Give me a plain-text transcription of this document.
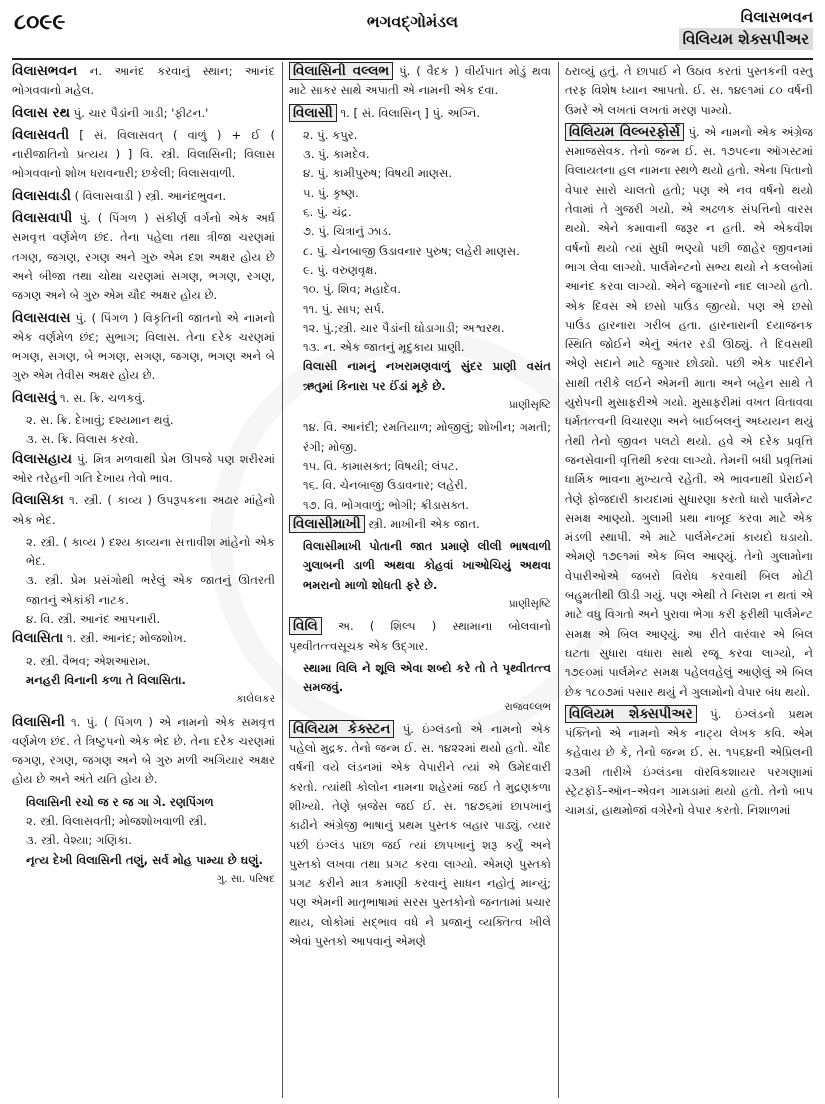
૮૦૯૯	ભગવદ્‌ગોમંડલ	વિલાસભવન
વિલિયમ શેક્સપીઅર

વિલાસભવન ન. આનંદ કરવાનું સ્થાન; આનંદ ભોગવવાનો મહેલ.

વિલાસ રથ પું. ચાર પૈડાંની ગાડી; 'ફીટન.'

વિલાસવતી [ સં. વિલાસવત્ ( વાળું ) + ઈ ( નારીજાતિનો પ્રત્યય ) ] વિ. સ્ત્રી. વિલાસિની; વિલાસ ભોગવવાનો શોખ ધરાવનારી; છકેલી; વિલાસવાળી.

વિલાસવાડી ( વિલાસવાડી ) સ્ત્રી. આનંદભુવન.

વિલાસવાપી પું. ( પિંગળ ) સંકીર્ણ વર્ગનો એક અર્ધ સમવૃત્ત વર્ણમેળ છંદ. તેના પહેલા તથા ત્રીજા ચરણમાં તગણ, જગણ, રગણ અને ગુરુ એમ દશ અક્ષર હોય છે અને બીજા તથા ચોથા ચરણમાં સગણ, ભગણ, રગણ, જગણ અને બે ગુરુ એમ ચૌદ અક્ષર હોય છે.

વિલાસવાસ પું. ( પિંગળ ) વિકૃતિની જાતનો એ નામનો એક વર્ણમેળ છંદ; સુભાગ; વિલાસ. તેના દરેક ચરણમાં ભગણ, સગણ, બે ભગણ, સગણ, જગણ, ભગણ અને બે ગુરુ એમ તેવીસ અક્ષર હોય છે.

વિલાસવું ૧. સ. ક્રિ. ચળકવું.

૨. સ. ક્રિ. દેખાવું; દશ્યમાન થવું.

૩. સ. ક્રિ. વિલાસ કરવો.

વિલાસહાય પું. મિત્ર મળવાથી પ્રેમ ઊપજે પણ શરીરમાં ઓર તરેહની ગતિ દેખાય તેવો ભાવ.

વિલાસિકા ૧. સ્ત્રી. ( કાવ્ય ) ઉપરૂપકના અઢાર માંહેનો એક ભેદ.

૨. સ્ત્રી. ( કાવ્ય ) દશ્ય કાવ્યના સત્તાવીશ માંહેનો એક ભેદ.

૩. સ્ત્રી. પ્રેમ પ્રસંગોથી ભરેલું એક જાતનું ઊતરતી જાતનું એકાંકી નાટક.

૪. વિ. સ્ત્રી. આનંદ આપનારી.

વિલાસિતા ૧. સ્ત્રી. આનંદ; મોજશોખ.

૨. સ્ત્રી. વૈભવ; એશઆરામ.

મનહરી વિનાની કળા તે વિલાસિતા.

કાલેલકર

વિલાસિની ૧. પું. ( પિંગળ ) એ નામનો એક સમવૃત્ત વર્ણમેળ છંદ. તે ત્રિષ્ટુપનો એક ભેદ છે. તેના દરેક ચરણમાં જગણ, રગણ, જગણ અને બે ગુરુ મળી અગિયાર અક્ષર હોય છે અને અંતે યતિ હોય છે.

વિલાસિની રચો જ ર જ ગા ગે. રણપિંગળ

૨. સ્ત્રી. વિલાસવતી; મોજશોખવાળી સ્ત્રી.

૩. સ્ત્રી. વેશ્યા; ગણિકા.

નૃત્ય દેખી વિલાસિની તણું, સર્વ મોહ પામ્યા છે ઘણું.

ગુ. સા. પરિષદ

વિલાસિની વલ્લભ પું. ( વૈદક ) વીર્યપાત મોડું થવા માટે સાકર સાથે અપાતી એ નામની એક દવા.

વિલાસી ૧. [ સં. વિલાસિન્ ] પું. અગ્નિ.

૨. પું. કપુર.

૩. પું. કામદેવ.

૪. પું. કામીપુરુષ; વિષયી માણસ.

૫. પું. કૃષ્ણ.

૬. પું. ચંદ્ર.

૭. પું. ચિત્રાનું ઝાડ.

૮. પું. ચેનબાજી ઉડાવનાર પુરુષ; લહેરી માણસ.

૯. પું. વરુણવૃક્ષ.

૧૦. પું. શિવ; મહાદેવ.

૧૧. પું. સાપ; સર્પ.

૧૨. પું.;સ્ત્રી. ચાર પૈડાંની ઘોડાગાડી; અશ્વરથ.

૧૩. ન. એક જાતનું મૃદુકાય પ્રાણી.

વિલાસી નામનું નખરામણવાળું સુંદર પ્રાણી વસંત ઋતુમાં કિનારા પર ઈંડાં મૂકે છે.

પ્રાણીસૃષ્ટિ

૧૪. વિ. આનંદી; રમતિયાળ; મોજીલું; શોખીન; ગમતી; રંગી; મોજી.

૧૫. વિ. કામાસક્ત; વિષયી; લંપટ.

૧૬. વિ. ચેનબાજી ઉડાવનાર; લહેરી.

૧૭. વિ. ભોગવાળું; ભોગી; ક્રીડાસક્ત.

વિલાસીમાખી સ્ત્રી. માખીની એક જાત.

વિલાસીમાખી પોતાની જાત પ્રમાણે લીલી ભાષવાળી ગુલાબની ડાળી અથવા કોહવાં ખાઓચિયું અથવા ભમરાનો માળો શોધતી ફરે છે.

પ્રાણીસૃષ્ટિ

વિલિ અ. ( શિલ્પ ) સ્થામાના બોલવાનો પૃથ્વીતત્ત્વસૂચક એક ઉદ્ગાર.

સ્થામા વિલિ ને શૂલિ એવા શબ્દો કરે તો તે પૃથ્વીતત્ત્વ સમજવું.

રાજવલ્લભ

વિલિયમ કેક્સ્ટન પું. ઇંગ્લંડનો એ નામનો એક પહેલો મુદ્રક. તેનો જન્મ ઈ. સ. ૧૪૨૨માં થયો હતો. ચૌદ વર્ષની વયે લંડનમાં એક વેપારીને ત્યાં એ ઉમેદવારી કરતો. ત્યાંથી કોલોન નામના શહેરમાં જઈ તે મુદ્રણકળા શીખ્યો. તેણે બ્રજેસ જઈ ઈ. સ. ૧૪૭૬માં છાપખાનું કાઢીને અંગ્રેજી ભાષાનું પ્રથમ પુસ્તક બહાર પાડ્યું. ત્યાર પછી ઇંગ્લંડ પાછા જઈ ત્યાં છાપખાનું શરૂ કર્યું અને પુસ્તકો લખવા તથા પ્રગટ કરવા લાગ્યો. એમણે પુસ્તકો પ્રગટ કરીને માત્ર કમાણી કરવાનું સાધન નહોતું માન્યું; પણ એમની માતૃભાષામાં સરસ પુસ્તકોનો જનતામાં પ્રચાર થાય, લોકોમાં સદ્ભાવ વધે ને પ્રજાનું વ્યક્તિત્વ ખીલે એવાં પુસ્તકો આપવાનું એમણે

ઠરાવ્યું હતું. તે છાપાઈ ને ઉઠાવ કરતાં પુસ્તકની વસ્તુ તરફ વિશેષ ધ્યાન આપતો. ઈ. સ. ૧૪૯૧માં ૮૦ વર્ષની ઉમરે એ લખતાં લખતાં મરણ પામ્યો.

વિલિયમ વિલ્બરફોર્સ પું. એ નામનો એક અંગ્રેજ સમાજસેવક. તેનો જન્મ ઈ. સ. ૧૭૫૯ના ઑગસ્ટમાં વિલાયતના હલ નામના સ્થળે થયો હતો. એના પિતાનો વેપાર સારો ચાલતો હતો; પણ એ નવ વર્ષનો થયો તેવામાં તે ગુજરી ગયો. એ અઢળક સંપત્તિનો વારસ થયો. એને કમાવાની જરૂર ન હતી. એ એકવીશ વર્ષનો થયો ત્યાં સુધી ભણ્યો પછી જાહેર જીવનમાં ભાગ લેવા લાગ્યો. પાર્લમેન્ટનો સભ્ય થયો ને કલબોમાં આનંદ કરવા લાગ્યો. એને જુગારનો નાદ લાગ્યો હતો. એક દિવસ એ છસો પાઉંડ જીત્યો. પણ એ છસો પાઉંડ હારનારા ગરીબ હતા. હારનારાની દયાજનક સ્થિતિ જોઈને એનું અંતર રડી ઊઠ્યું. તે દિવસથી એણે સદાને માટે જુગાર છોડ્યો. પછી એક પાદરીને સાથી તરીકે લઈને એમની માતા અને બહેન સાથે તે યુરોપની મુસાફરીએ ગયો. મુસાફરીમાં વખત વિતાવવા ધર્મતત્ત્વની વિચારણા અને બાઈબલનું અધ્યયન થયું તેથી તેનો જીવન પલટો થયો. હવે એ દરેક પ્રવૃત્તિ જનસેવાની વૃત્તિથી કરવા લાગ્યો. તેમની બધી પ્રવૃત્તિમાં ધાર્મિક ભાવના મુખ્યત્વે રહેતી. એ ભાવનાથી પ્રેરાઈને તેણે ફોજદારી કાયદામાં સુધારણા કરતો ધારો પાર્લમેન્ટ સમક્ષ આણ્યો. ગુલામી પ્રથા નાબૂદ કરવા માટે એક મંડળી સ્થાપી. એ માટે પાર્લમેન્ટમાં કાયદો ઘડાયો. એમણે ૧૭૯૧માં એક બિલ આણ્યું. તેનો ગુલામોના વેપારીઓએ જબરો વિરોધ કરવાથી બિલ મોટી બહુમતીથી ઊડી ગયું. પણ એથી તે નિરાશ ન થતાં એ માટે વધુ વિગતો અને પુરાવા ભેગા કરી ફરીથી પાર્લમેન્ટ સમક્ષ એ બિલ આણ્યું. આ રીતે વારંવાર એ બિલ ઘટતા સુધારા વધારા સાથે રજૂ કરવા લાગ્યો, ને ૧૭૯૦માં પાર્લમેન્ટ સમક્ષ પહેલવહેલું આણેલું એ બિલ છેક ૧૮૦૭માં પસાર થયું ને ગુલામોનો વેપાર બંધ થયો.

વિલિયમ શેક્સપીઅર પું. ઇંગ્લંડનો પ્રથમ પંક્તિનો એ નામનો એક નાટ્ય લેખક કવિ. એમ કહેવાય છે કે, તેનો જન્મ ઈ. સ. ૧૫૬૪ની એપ્રિલની ૨૩મી તારીખે ઇંગ્લંડના વૉરવિકશાયર પરગણામાં સ્ટ્રેટફૉર્ડ–ઑન–એવન ગામડામાં થયો હતો. તેનો બાપ ચામડાં, હાથમોજાં વગેરેનો વેપાર કરતો. નિશાળમાં
